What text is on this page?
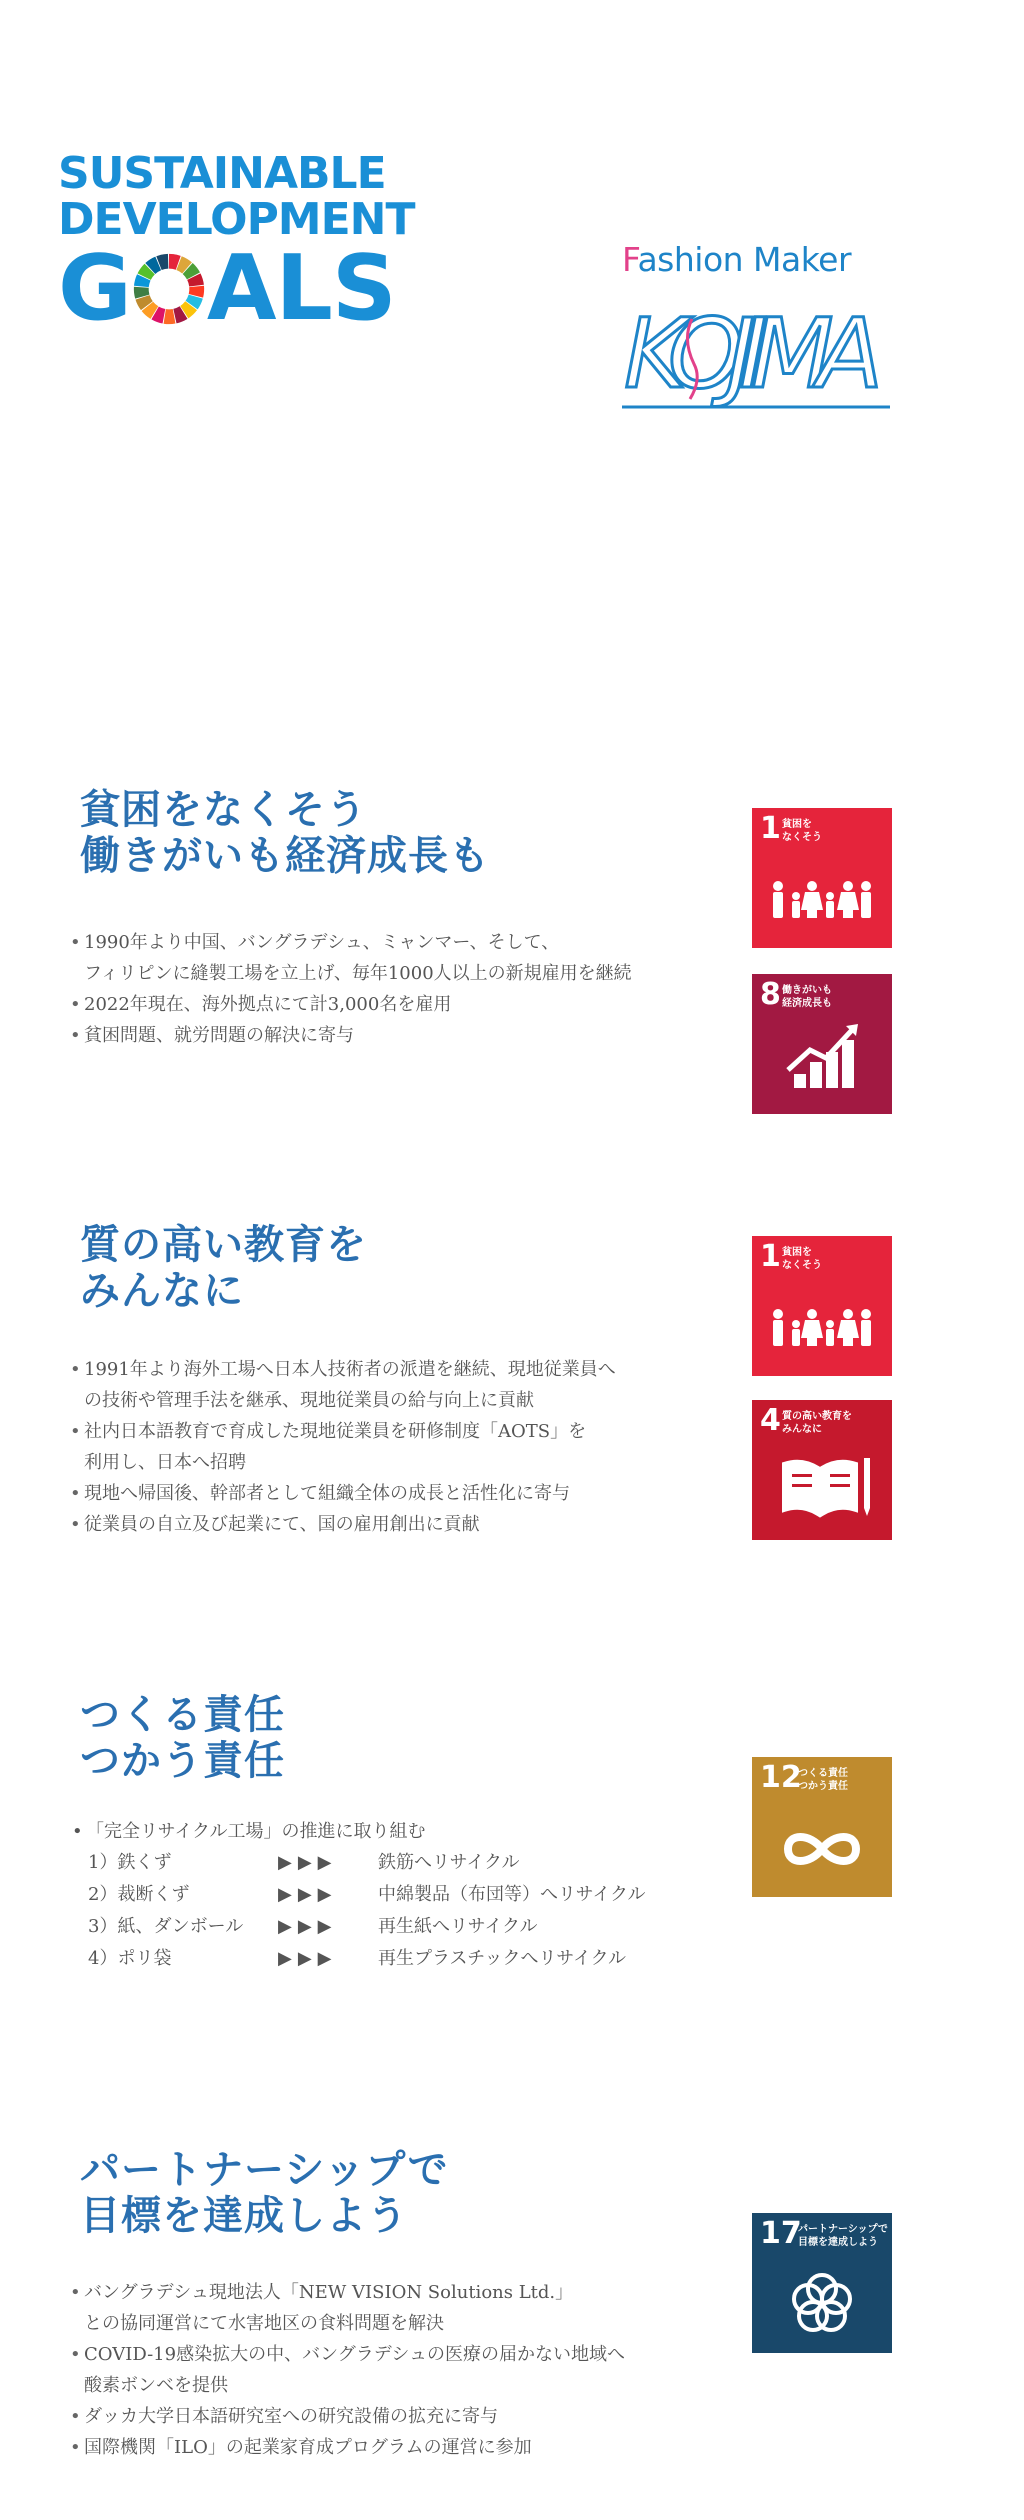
SUSTAINABLE
DEVELOPMENT
G ALS	Fashion Maker
KOJIMA
貧困をなくそう
働きがいも経済成長も
• 1990年より中国、バングラデシュ、ミャンマー、そして、
フィリピンに縫製工場を立上げ、毎年1000人以上の新規雇用を継続
• 2022年現在、海外拠点にて計3,000名を雇用
• 貧困問題、就労問題の解決に寄与
1 貧困を
なくそう
8 働きがいも
経済成長も
質の高い教育を
みんなに
• 1991年より海外工場へ日本人技術者の派遣を継続、現地従業員へ
の技術や管理手法を継承、現地従業員の給与向上に貢献
• 社内日本語教育で育成した現地従業員を研修制度「AOTS」を
利用し、日本へ招聘
• 現地へ帰国後、幹部者として組織全体の成長と活性化に寄与
• 従業員の自立及び起業にて、国の雇用創出に貢献
1 貧困を
なくそう
4 質の高い教育を
みんなに
つくる責任
つかう責任
• 「完全リサイクル工場」の推進に取り組む
1）鉄くず	▶▶▶	鉄筋へリサイクル
2）裁断くず	▶▶▶	中綿製品（布団等）へリサイクル
3）紙、ダンボール	▶▶▶	再生紙へリサイクル
4）ポリ袋	▶▶▶	再生プラスチックへリサイクル
12
つくる責任
つかう責任
パートナーシップで
目標を達成しよう
• バングラデシュ現地法人「NEW VISION Solutions Ltd.」
との協同運営にて水害地区の食料問題を解決
• COVID-19感染拡大の中、バングラデシュの医療の届かない地域へ
酸素ボンベを提供
• ダッカ大学日本語研究室への研究設備の拡充に寄与
• 国際機関「ILO」の起業家育成プログラムの運営に参加
17
パートナーシップで
目標を達成しよう
